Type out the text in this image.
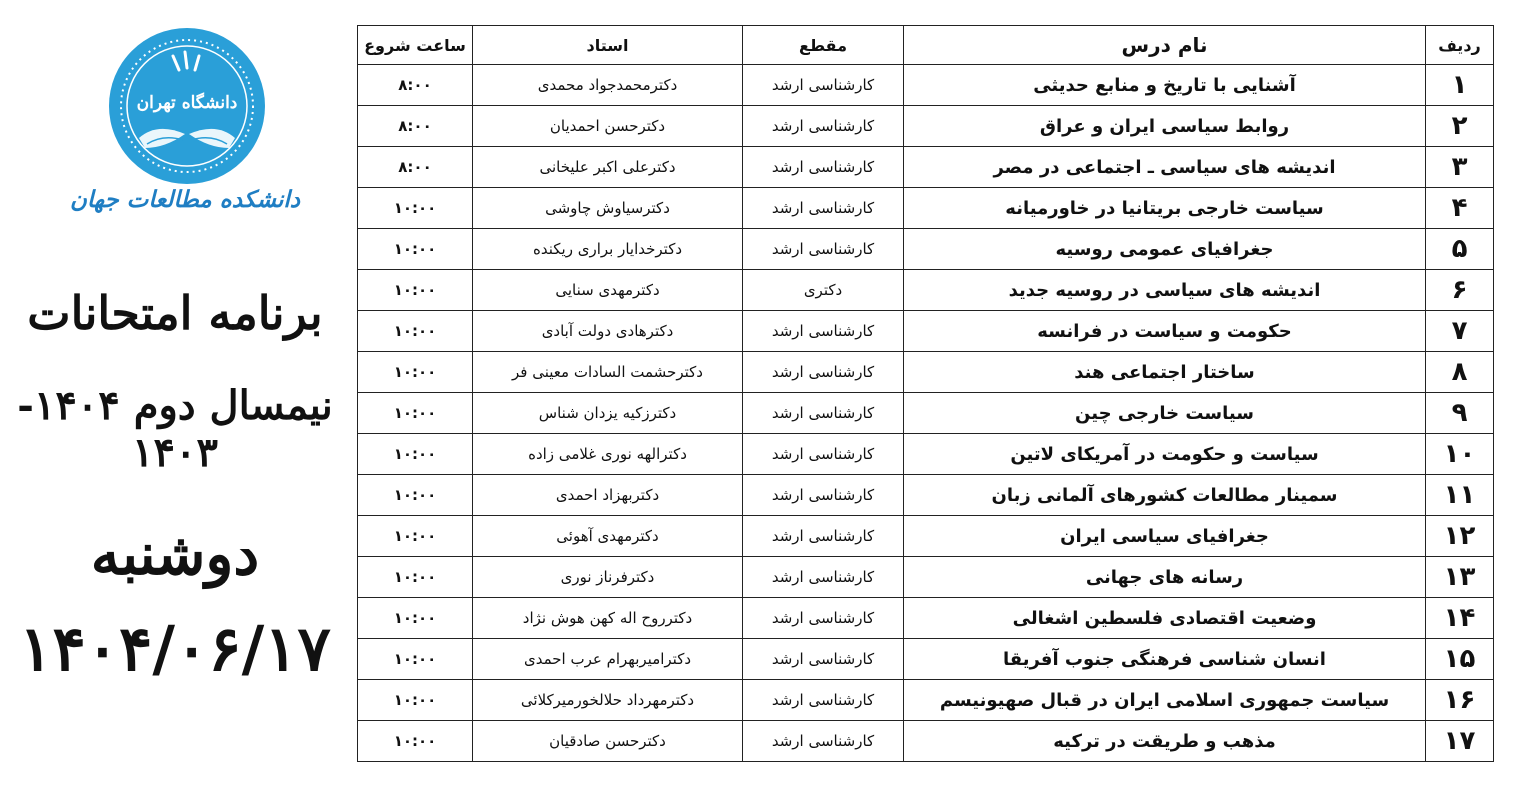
دانشگاه تهران
دانشکده مطالعات جهان
برنامه امتحانات
نیمسال دوم ۱۴۰۴- ۱۴۰۳
دوشنبه
۱۴۰۴/۰۶/۱۷
ردیف	نام درس	مقطع	استاد	ساعت شروع
۱	آشنایی با تاریخ و منابع حدیثی	کارشناسی ارشد	دکترمحمدجواد محمدی	۸:۰۰
۲	روابط سیاسی ایران و عراق	کارشناسی ارشد	دکترحسن احمدیان	۸:۰۰
۳	اندیشه های سیاسی ـ اجتماعی در مصر	کارشناسی ارشد	دکترعلی اکبر علیخانی	۸:۰۰
۴	سیاست خارجی بریتانیا در خاورمیانه	کارشناسی ارشد	دکترسیاوش چاوشی	۱۰:۰۰
۵	جغرافیای عمومی روسیه	کارشناسی ارشد	دکترخدایار براری ریکنده	۱۰:۰۰
۶	اندیشه های سیاسی در روسیه جدید	دکتری	دکترمهدی سنایی	۱۰:۰۰
۷	حکومت و سیاست در فرانسه	کارشناسی ارشد	دکترهادی دولت آبادی	۱۰:۰۰
۸	ساختار اجتماعی هند	کارشناسی ارشد	دکترحشمت السادات معینی فر	۱۰:۰۰
۹	سیاست خارجی چین	کارشناسی ارشد	دکترزکیه یزدان شناس	۱۰:۰۰
۱۰	سیاست و حکومت در آمریکای لاتین	کارشناسی ارشد	دکترالهه نوری غلامی زاده	۱۰:۰۰
۱۱	سمینار مطالعات کشورهای آلمانی زبان	کارشناسی ارشد	دکتربهزاد احمدی	۱۰:۰۰
۱۲	جغرافیای سیاسی ایران	کارشناسی ارشد	دکترمهدی آهوئی	۱۰:۰۰
۱۳	رسانه های جهانی	کارشناسی ارشد	دکترفرناز نوری	۱۰:۰۰
۱۴	وضعیت اقتصادی فلسطین اشغالی	کارشناسی ارشد	دکترروح اله کهن هوش نژاد	۱۰:۰۰
۱۵	انسان شناسی فرهنگی جنوب آفریقا	کارشناسی ارشد	دکترامیربهرام عرب احمدی	۱۰:۰۰
۱۶	سیاست جمهوری اسلامی ایران در قبال صهیونیسم	کارشناسی ارشد	دکترمهرداد حلالخورمیرکلائی	۱۰:۰۰
۱۷	مذهب و طریقت در ترکیه	کارشناسی ارشد	دکترحسن صادقیان	۱۰:۰۰
